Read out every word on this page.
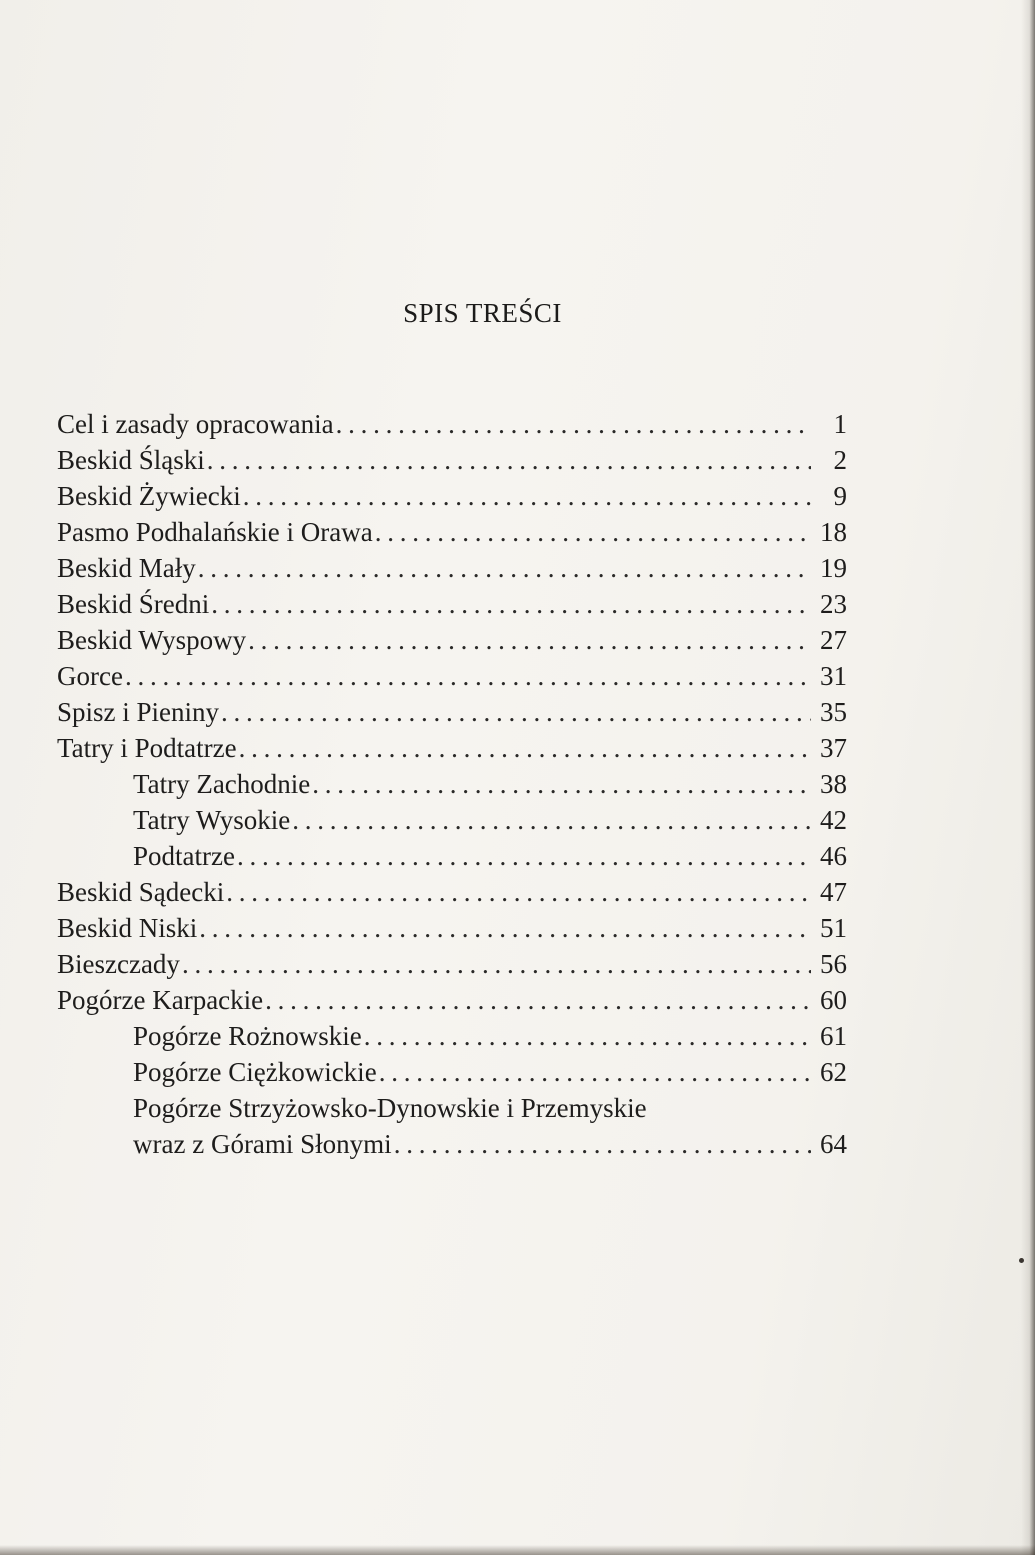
SPIS TREŚCI
Cel i zasady opracowania . . .	1
Beskid Śląski . . .	2
Beskid Żywiecki . . .	9
Pasmo Podhalańskie i Orawa . . .	18
Beskid Mały . . .	19
Beskid Średni . . .	23
Beskid Wyspowy . . .	27
Gorce . . .	31
Spisz i Pieniny . . .	35
Tatry i Podtatrze . . .	37
Tatry Zachodnie . . .	38
Tatry Wysokie . . .	42
Podtatrze . . .	46
Beskid Sądecki . . .	47
Beskid Niski . . .	51
Bieszczady . . .	56
Pogórze Karpackie . . .	60
Pogórze Rożnowskie . . .	61
Pogórze Ciężkowickie . . .	62
Pogórze Strzyżowsko-Dynowskie i Przemyskie
wraz z Górami Słonymi . . .	64
